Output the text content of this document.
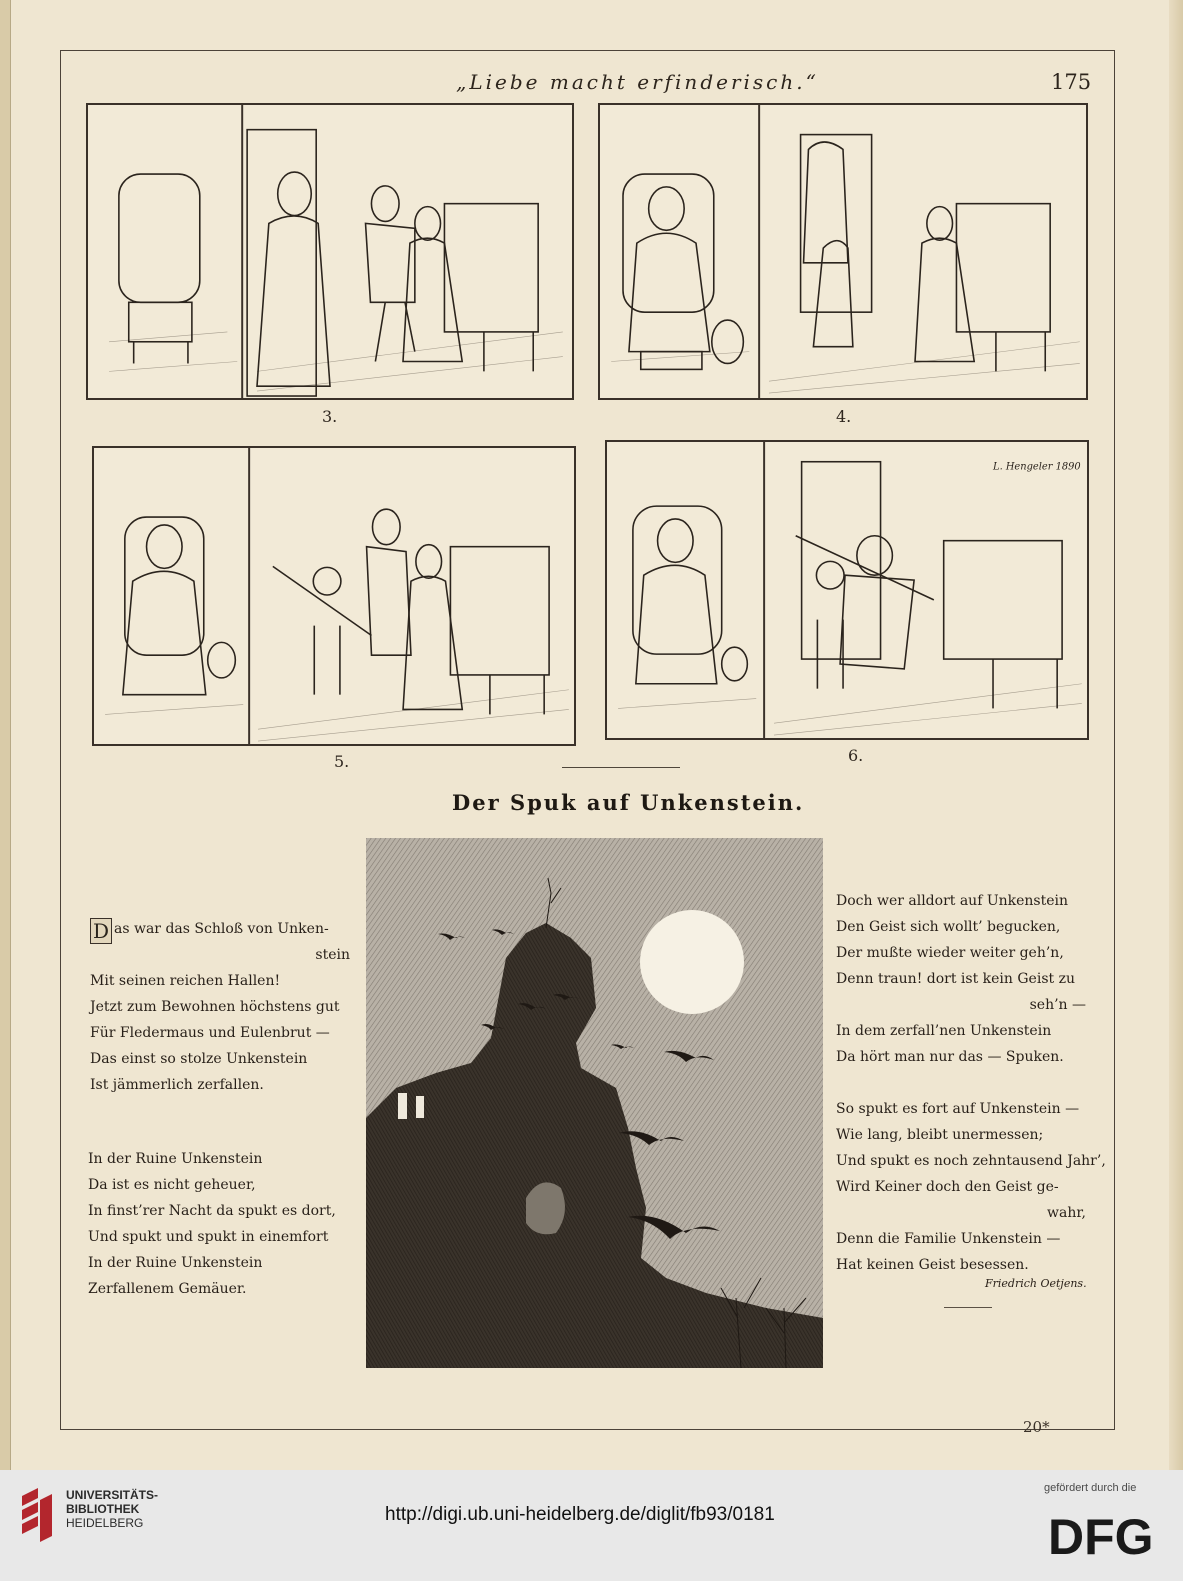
„Liebe macht erfinderisch.“	175
3.	4.
5.
L. Hengeler 1890
6.
Der Spuk auf Unkenstein.
D as war das Schloß von Unken-
stein
Mit seinen reichen Hallen!
Jetzt zum Bewohnen höchstens gut
Für Fledermaus und Eulenbrut —
Das einst so stolze Unkenstein
Ist jämmerlich zerfallen.
In der Ruine Unkenstein
Da ist es nicht geheuer,
In finst’rer Nacht da spukt es dort,
Und spukt und spukt in einemfort
In der Ruine Unkenstein
Zerfallenem Gemäuer.
Doch wer alldort auf Unkenstein
Den Geist sich wollt’ begucken,
Der mußte wieder weiter geh’n,
Denn traun! dort ist kein Geist zu
seh’n —
In dem zerfall’nen Unkenstein
Da hört man nur das — Spuken.
So spukt es fort auf Unkenstein —
Wie lang, bleibt unermessen;
Und spukt es noch zehntausend Jahr’,
Wird Keiner doch den Geist ge-
wahr,
Denn die Familie Unkenstein —
Hat keinen Geist besessen.
Friedrich Oetjens.
20*
UNIVERSITÄTS-
BIBLIOTHEK
HEIDELBERG	http://digi.ub.uni-heidelberg.de/diglit/fb93/0181
gefördert durch die
DFG
